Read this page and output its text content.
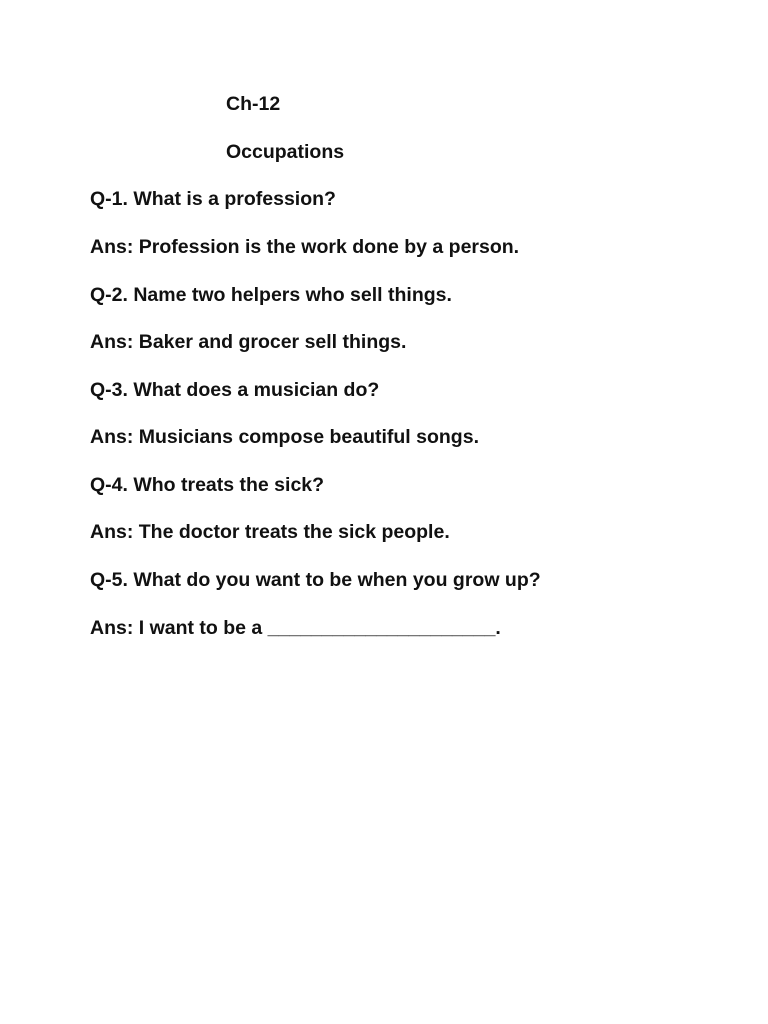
Ch-12

Occupations

Q-1. What is a profession?

Ans: Profession is the work done by a person.

Q-2. Name two helpers who sell things.

Ans: Baker and grocer sell things.

Q-3. What does a musician do?

Ans: Musicians compose beautiful songs.

Q-4. Who treats the sick?

Ans: The doctor treats the sick people.

Q-5. What do you want to be when you grow up?

Ans: I want to be a _____________________.
